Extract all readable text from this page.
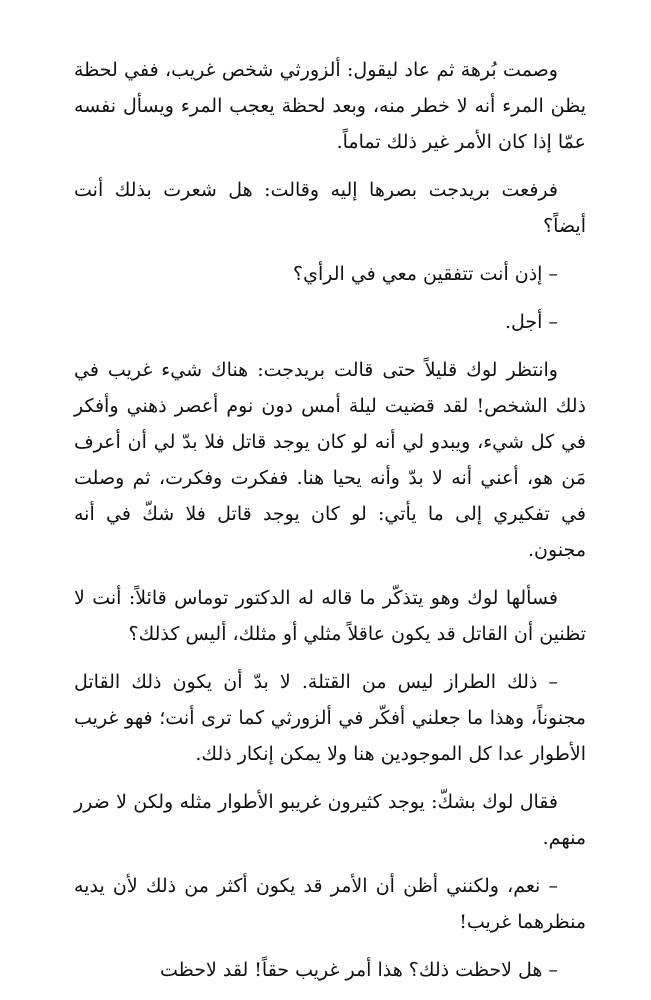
وصمت بُرهة ثم عاد ليقول: ألزورثي شخص غريب، ففي لحظة يظن المرء أنه لا خطر منه، وبعد لحظة يعجب المرء ويسأل نفسه عمّا إذا كان الأمر غير ذلك تماماً.

فرفعت بريدجت بصرها إليه وقالت: هل شعرت بذلك أنت أيضاً؟

– إذن أنت تتفقين معي في الرأي؟

– أجل.

وانتظر لوك قليلاً حتى قالت بريدجت: هناك شيء غريب في ذلك الشخص! لقد قضيت ليلة أمس دون نوم أعصر ذهني وأفكر في كل شيء، ويبدو لي أنه لو كان يوجد قاتل فلا بدّ لي أن أعرف مَن هو، أعني أنه لا بدّ وأنه يحيا هنا. ففكرت وفكرت، ثم وصلت في تفكيري إلى ما يأتي: لو كان يوجد قاتل فلا شكّ في أنه مجنون.

فسألها لوك وهو يتذكّر ما قاله له الدكتور توماس قائلاً: أنت لا تظنين أن القاتل قد يكون عاقلاً مثلي أو مثلك، أليس كذلك؟

– ذلك الطراز ليس من القتلة. لا بدّ أن يكون ذلك القاتل مجنوناً، وهذا ما جعلني أفكّر في ألزورثي كما ترى أنت؛ فهو غريب الأطوار عدا كل الموجودين هنا ولا يمكن إنكار ذلك.

فقال لوك بشكّ: يوجد كثيرون غريبو الأطوار مثله ولكن لا ضرر منهم.

– نعم، ولكنني أظن أن الأمر قد يكون أكثر من ذلك لأن يديه منظرهما غريب!

– هل لاحظت ذلك؟ هذا أمر غريب حقاً! لقد لاحظت
